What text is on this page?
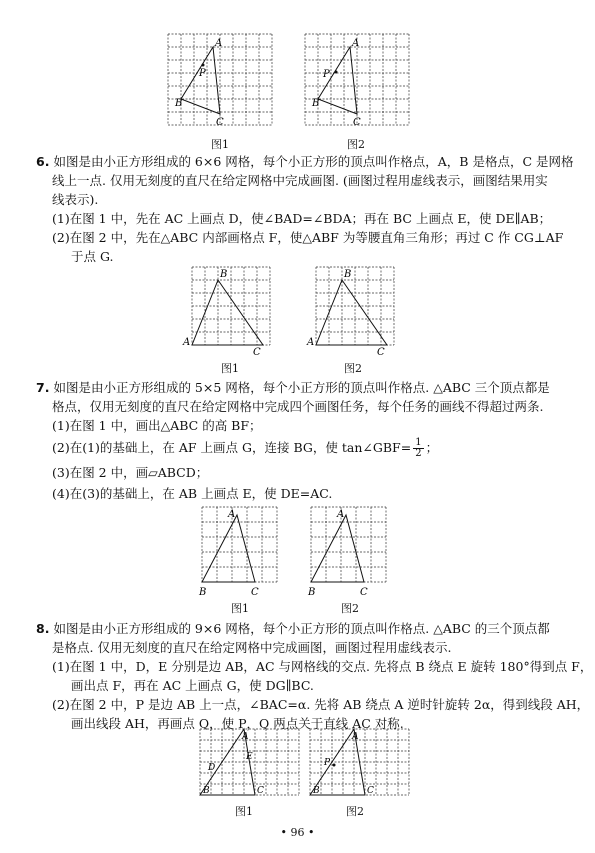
A
B
C
P
图1
A
B
C
P
图2
6. 如图是由小正方形组成的 6×6 网格，每个小正方形的顶点叫作格点，A，B 是格点，C 是网格
线上一点. 仅用无刻度的直尺在给定网格中完成画图. (画图过程用虚线表示，画图结果用实
线表示).
(1)在图 1 中，先在 AC 上画点 D，使∠BAD=∠BDA；再在 BC 上画点 E，使 DE∥AB；
(2)在图 2 中，先在△ABC 内部画格点 F，使△ABF 为等腰直角三角形；再过 C 作 CG⊥AF
于点 G.
B
A
C
图1
B
A
C
图2
7. 如图是由小正方形组成的 5×5 网格，每个小正方形的顶点叫作格点. △ABC 三个顶点都是
格点，仅用无刻度的直尺在给定网格中完成四个画图任务，每个任务的画线不得超过两条.
(1)在图 1 中，画出△ABC 的高 BF；
(2)在(1)的基础上，在 AF 上画点 G，连接 BG，使 tan∠GBF= $\frac{1}{2}$ ；
(3)在图 2 中，画▱ABCD；
(4)在(3)的基础上，在 AB 上画点 E，使 DE=AC.
A
B	C
图1
A
B	C
图2
8. 如图是由小正方形组成的 9×6 网格，每个小正方形的顶点叫作格点. △ABC 的三个顶点都
是格点. 仅用无刻度的直尺在给定网格中完成画图，画图过程用虚线表示.
(1)在图 1 中，D，E 分别是边 AB，AC 与网格线的交点. 先将点 B 绕点 E 旋转 180°得到点 F，
画出点 F，再在 AC 上画点 G，使 DG∥BC.
(2)在图 2 中，P 是边 AB 上一点，∠BAC=α. 先将 AB 绕点 A 逆时针旋转 2α，得到线段 AH，
画出线段 AH，再画点 Q，使 P，Q 两点关于直线 AC 对称.
A
B	C
D
E
图1
A
B	C
P
图2
• 96 •
